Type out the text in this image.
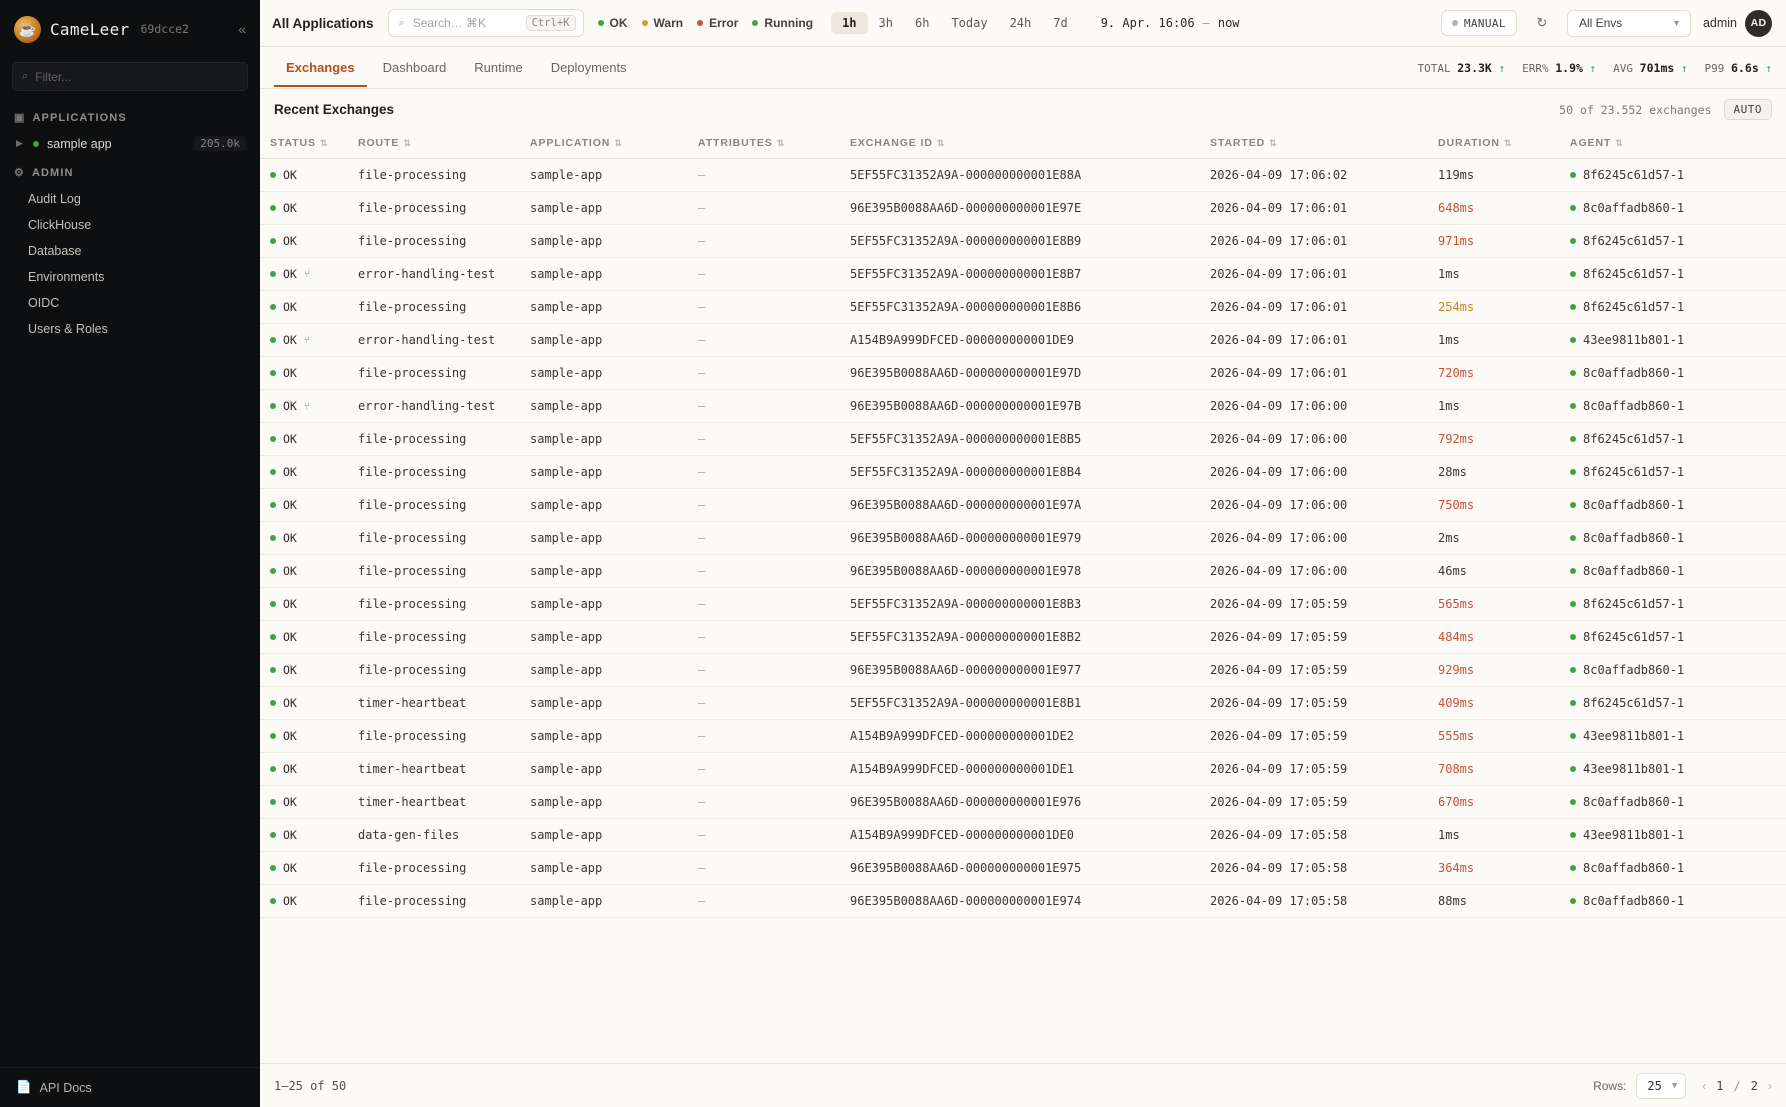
☕ CameLeer 69dcce2	«
⌕
Filter...
▣ APPLICATIONS
▶ sample app	205.0k
⚙ ADMIN
Audit Log
ClickHouse
Database
Environments
OIDC
Users & Roles
📄 API Docs
All Applications ⌕ Search… ⌘K	Ctrl+K	OK Warn Error Running	1h	3h	6h	Today	24h	7d	9. Apr. 16:06 — now	MANUAL	↻	All Envs	▼ admin	AD
Exchanges	Dashboard	Runtime	Deployments	TOTAL 23.3K ↑ ERR% 1.9% ↑ AVG 701ms ↑ P99 6.6s ↑
Recent Exchanges	50 of 23.552 exchanges	AUTO
STATUS ⇅	ROUTE ⇅	APPLICATION ⇅	ATTRIBUTES ⇅	EXCHANGE ID ⇅	STARTED ⇅	DURATION ⇅	AGENT ⇅

OK	file-processing	sample-app	—	5EF55FC31352A9A-000000000001E88A	2026-04-09 17:06:02	119ms	8f6245c61d57-1

OK	file-processing	sample-app	—	96E395B0088AA6D-000000000001E97E	2026-04-09 17:06:01	648ms	8c0affadb860-1

OK	file-processing	sample-app	—	5EF55FC31352A9A-000000000001E8B9	2026-04-09 17:06:01	971ms	8f6245c61d57-1

OK ⑂	error-handling-test	sample-app	—	5EF55FC31352A9A-000000000001E8B7	2026-04-09 17:06:01	1ms	8f6245c61d57-1

OK	file-processing	sample-app	—	5EF55FC31352A9A-000000000001E8B6	2026-04-09 17:06:01	254ms	8f6245c61d57-1

OK ⑂	error-handling-test	sample-app	—	A154B9A999DFCED-000000000001DE9	2026-04-09 17:06:01	1ms	43ee9811b801-1

OK	file-processing	sample-app	—	96E395B0088AA6D-000000000001E97D	2026-04-09 17:06:01	720ms	8c0affadb860-1

OK ⑂	error-handling-test	sample-app	—	96E395B0088AA6D-000000000001E97B	2026-04-09 17:06:00	1ms	8c0affadb860-1

OK	file-processing	sample-app	—	5EF55FC31352A9A-000000000001E8B5	2026-04-09 17:06:00	792ms	8f6245c61d57-1

OK	file-processing	sample-app	—	5EF55FC31352A9A-000000000001E8B4	2026-04-09 17:06:00	28ms	8f6245c61d57-1

OK	file-processing	sample-app	—	96E395B0088AA6D-000000000001E97A	2026-04-09 17:06:00	750ms	8c0affadb860-1

OK	file-processing	sample-app	—	96E395B0088AA6D-000000000001E979	2026-04-09 17:06:00	2ms	8c0affadb860-1

OK	file-processing	sample-app	—	96E395B0088AA6D-000000000001E978	2026-04-09 17:06:00	46ms	8c0affadb860-1

OK	file-processing	sample-app	—	5EF55FC31352A9A-000000000001E8B3	2026-04-09 17:05:59	565ms	8f6245c61d57-1

OK	file-processing	sample-app	—	5EF55FC31352A9A-000000000001E8B2	2026-04-09 17:05:59	484ms	8f6245c61d57-1

OK	file-processing	sample-app	—	96E395B0088AA6D-000000000001E977	2026-04-09 17:05:59	929ms	8c0affadb860-1

OK	timer-heartbeat	sample-app	—	5EF55FC31352A9A-000000000001E8B1	2026-04-09 17:05:59	409ms	8f6245c61d57-1

OK	file-processing	sample-app	—	A154B9A999DFCED-000000000001DE2	2026-04-09 17:05:59	555ms	43ee9811b801-1

OK	timer-heartbeat	sample-app	—	A154B9A999DFCED-000000000001DE1	2026-04-09 17:05:59	708ms	43ee9811b801-1

OK	timer-heartbeat	sample-app	—	96E395B0088AA6D-000000000001E976	2026-04-09 17:05:59	670ms	8c0affadb860-1

OK	data-gen-files	sample-app	—	A154B9A999DFCED-000000000001DE0	2026-04-09 17:05:58	1ms	43ee9811b801-1

OK	file-processing	sample-app	—	96E395B0088AA6D-000000000001E975	2026-04-09 17:05:58	364ms	8c0affadb860-1

OK	file-processing	sample-app	—	96E395B0088AA6D-000000000001E974	2026-04-09 17:05:58	88ms	8c0affadb860-1
1–25 of 50	Rows: 25 ▼ ‹ 1 / 2 ›
